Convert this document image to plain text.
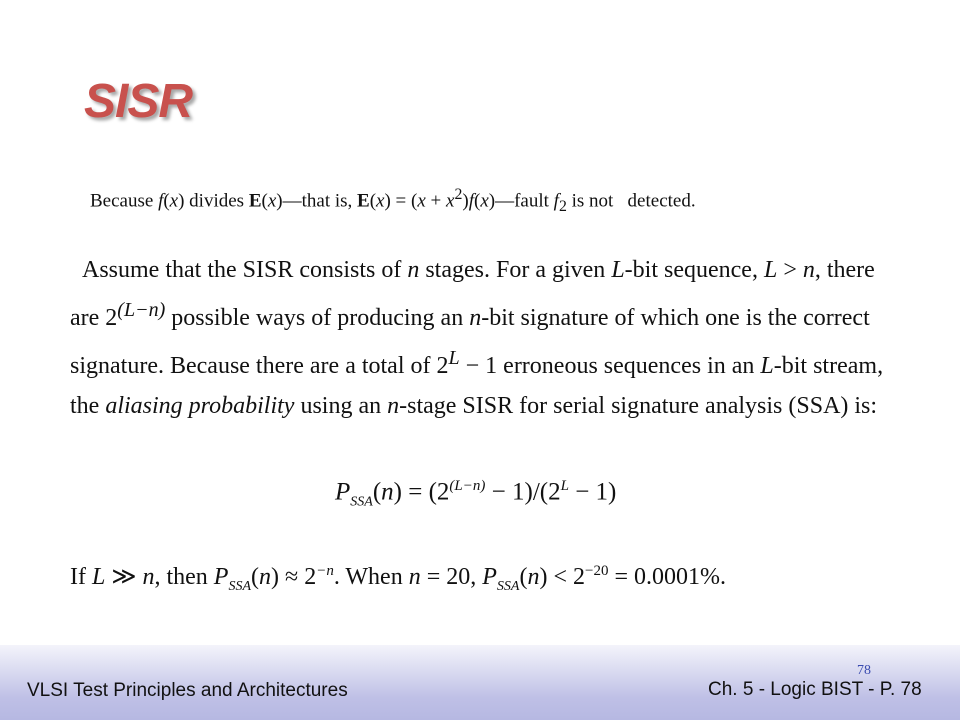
SISR
Because f(x) divides E(x)—that is, $E(x) = (x + x^2)f(x)—fault$ $f_2$ is not   detected.
Assume that the SISR consists of n stages. For a given L-bit sequence, L > n, there are $2^{(L-n)}$ possible ways of producing an n-bit signature of which one is the correct signature. Because there are a total of $2^L - 1$ erroneous sequences in an L-bit stream, the aliasing probability using an n-stage SISR for serial signature analysis (SSA) is:
$P_{SSA}(n) = (2^{(L-n)} - 1)/(2^L - 1)$
If L ≫ n, then $P_{SSA}(n) \approx 2^{-n}$. When n = 20, $P_{SSA}(n) < 2^{-20} = 0.0001\%$.
78
VLSI Test Principles and Architectures	Ch. 5 - Logic BIST - P. 78
